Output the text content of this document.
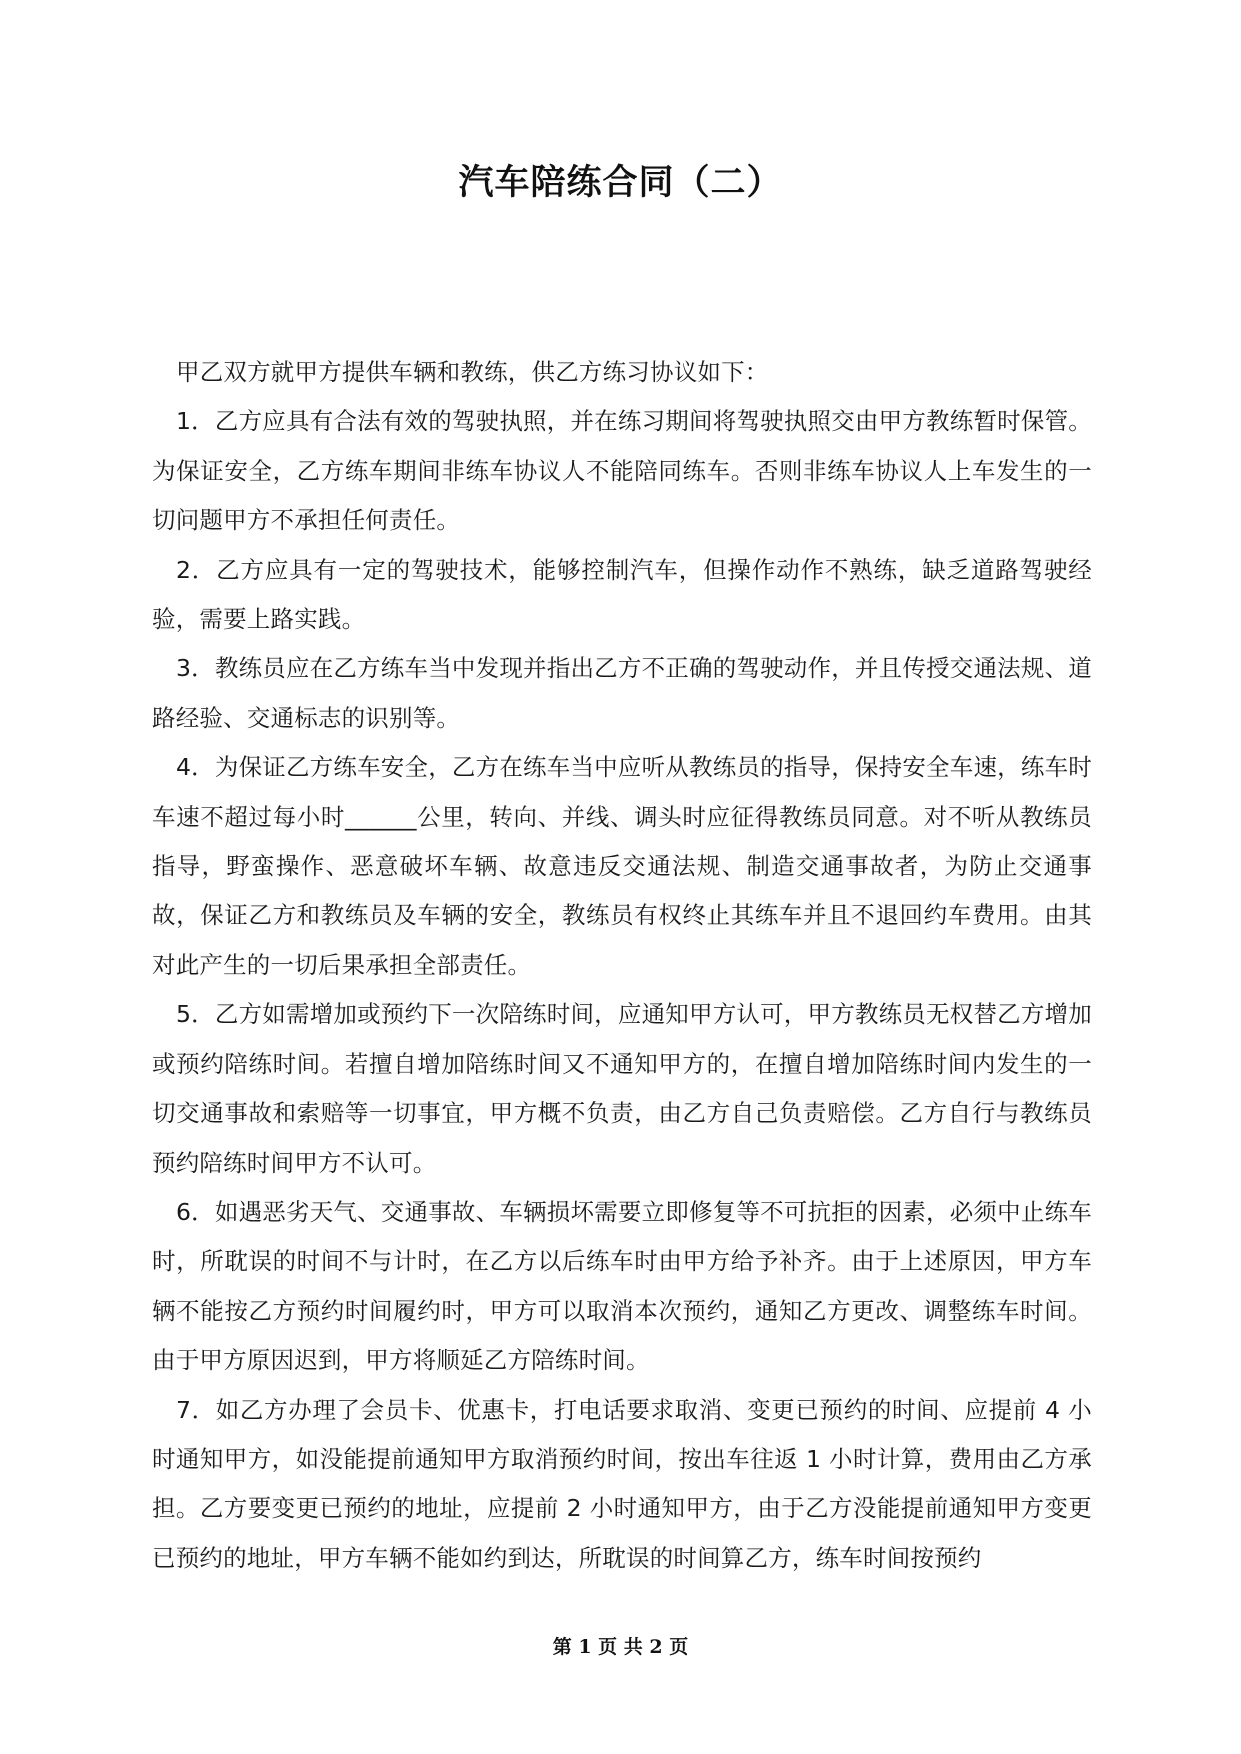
汽车陪练合同（二）

甲乙双方就甲方提供车辆和教练，供乙方练习协议如下：

1．乙方应具有合法有效的驾驶执照，并在练习期间将驾驶执照交由甲方教练暂时保管。为保证安全，乙方练车期间非练车协议人不能陪同练车。否则非练车协议人上车发生的一切问题甲方不承担任何责任。

2．乙方应具有一定的驾驶技术，能够控制汽车，但操作动作不熟练，缺乏道路驾驶经验，需要上路实践。

3．教练员应在乙方练车当中发现并指出乙方不正确的驾驶动作，并且传授交通法规、道路经验、交通标志的识别等。

4．为保证乙方练车安全，乙方在练车当中应听从教练员的指导，保持安全车速，练车时车速不超过每小时______公里，转向、并线、调头时应征得教练员同意。对不听从教练员指导，野蛮操作、恶意破坏车辆、故意违反交通法规、制造交通事故者，为防止交通事故，保证乙方和教练员及车辆的安全，教练员有权终止其练车并且不退回约车费用。由其对此产生的一切后果承担全部责任。

5．乙方如需增加或预约下一次陪练时间，应通知甲方认可，甲方教练员无权替乙方增加或预约陪练时间。若擅自增加陪练时间又不通知甲方的，在擅自增加陪练时间内发生的一切交通事故和索赔等一切事宜，甲方概不负责，由乙方自己负责赔偿。乙方自行与教练员预约陪练时间甲方不认可。

6．如遇恶劣天气、交通事故、车辆损坏需要立即修复等不可抗拒的因素，必须中止练车时，所耽误的时间不与计时，在乙方以后练车时由甲方给予补齐。由于上述原因，甲方车辆不能按乙方预约时间履约时，甲方可以取消本次预约，通知乙方更改、调整练车时间。由于甲方原因迟到，甲方将顺延乙方陪练时间。

7．如乙方办理了会员卡、优惠卡，打电话要求取消、变更已预约的时间、应提前 4 小时通知甲方，如没能提前通知甲方取消预约时间，按出车往返 1 小时计算，费用由乙方承担。乙方要变更已预约的地址，应提前 2 小时通知甲方，由于乙方没能提前通知甲方变更已预约的地址，甲方车辆不能如约到达，所耽误的时间算乙方，练车时间按预约

第 1 页 共 2 页
